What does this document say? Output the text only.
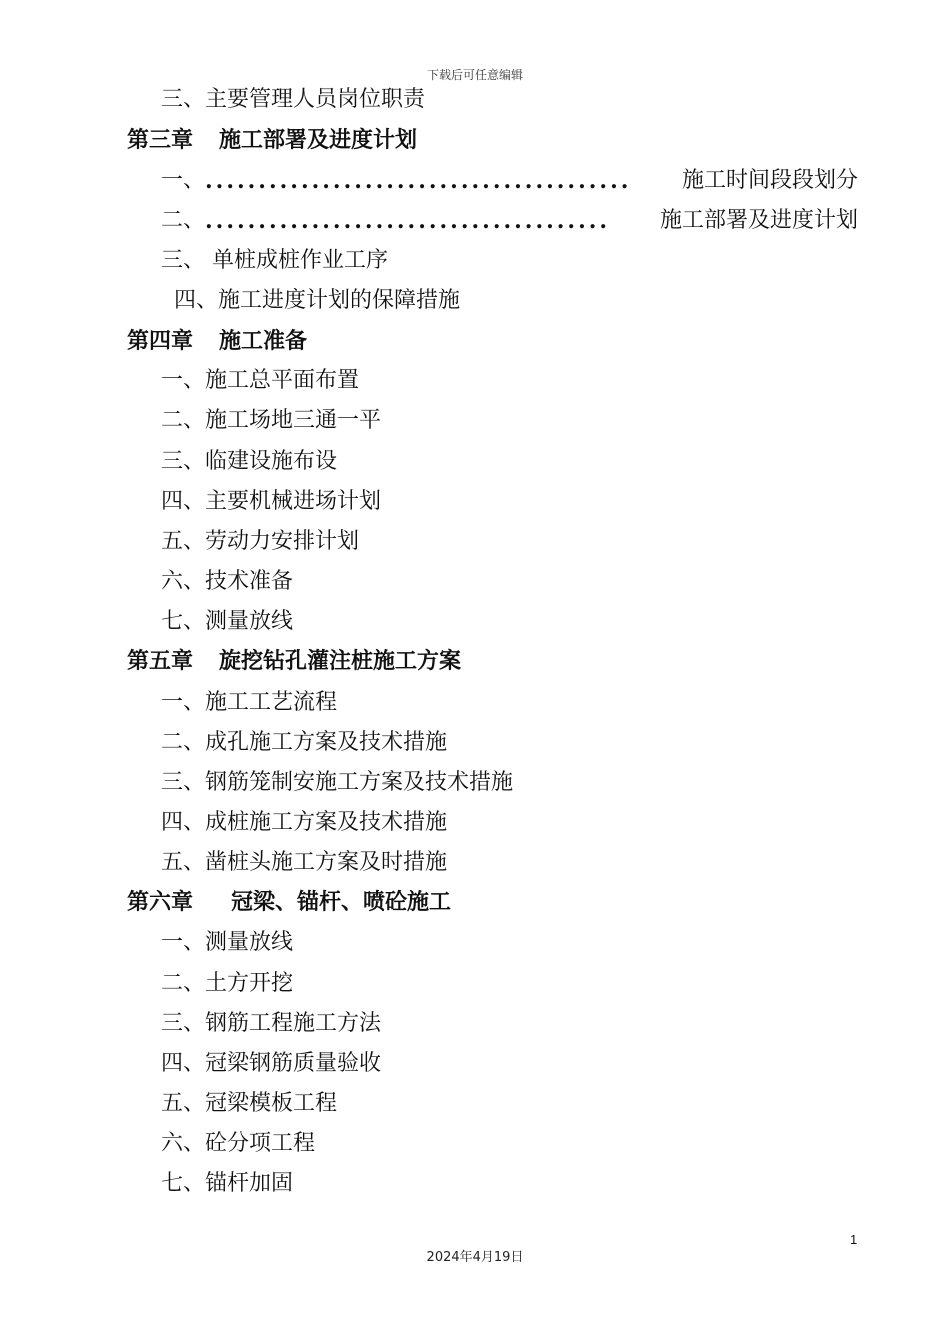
下载后可任意编辑
三、主要管理人员岗位职责
第三章 施工部署及进度计划
一、 ........................................	施工时间段段划分
二、 ......................................	施工部署及进度计划
三、 单桩成桩作业工序
四、施工进度计划的保障措施
第四章 施工准备
一、施工总平面布置
二、施工场地三通一平
三、临建设施布设
四、主要机械进场计划
五、劳动力安排计划
六、技术准备
七、测量放线
第五章 旋挖钻孔灌注桩施工方案
一、施工工艺流程
二、成孔施工方案及技术措施
三、钢筋笼制安施工方案及技术措施
四、成桩施工方案及技术措施
五、凿桩头施工方案及时措施
第六章 冠梁、锚杆、喷砼施工
一、测量放线
二、土方开挖
三、钢筋工程施工方法
四、冠梁钢筋质量验收
五、冠梁模板工程
六、砼分项工程
七、锚杆加固
1
2024年4月19日
